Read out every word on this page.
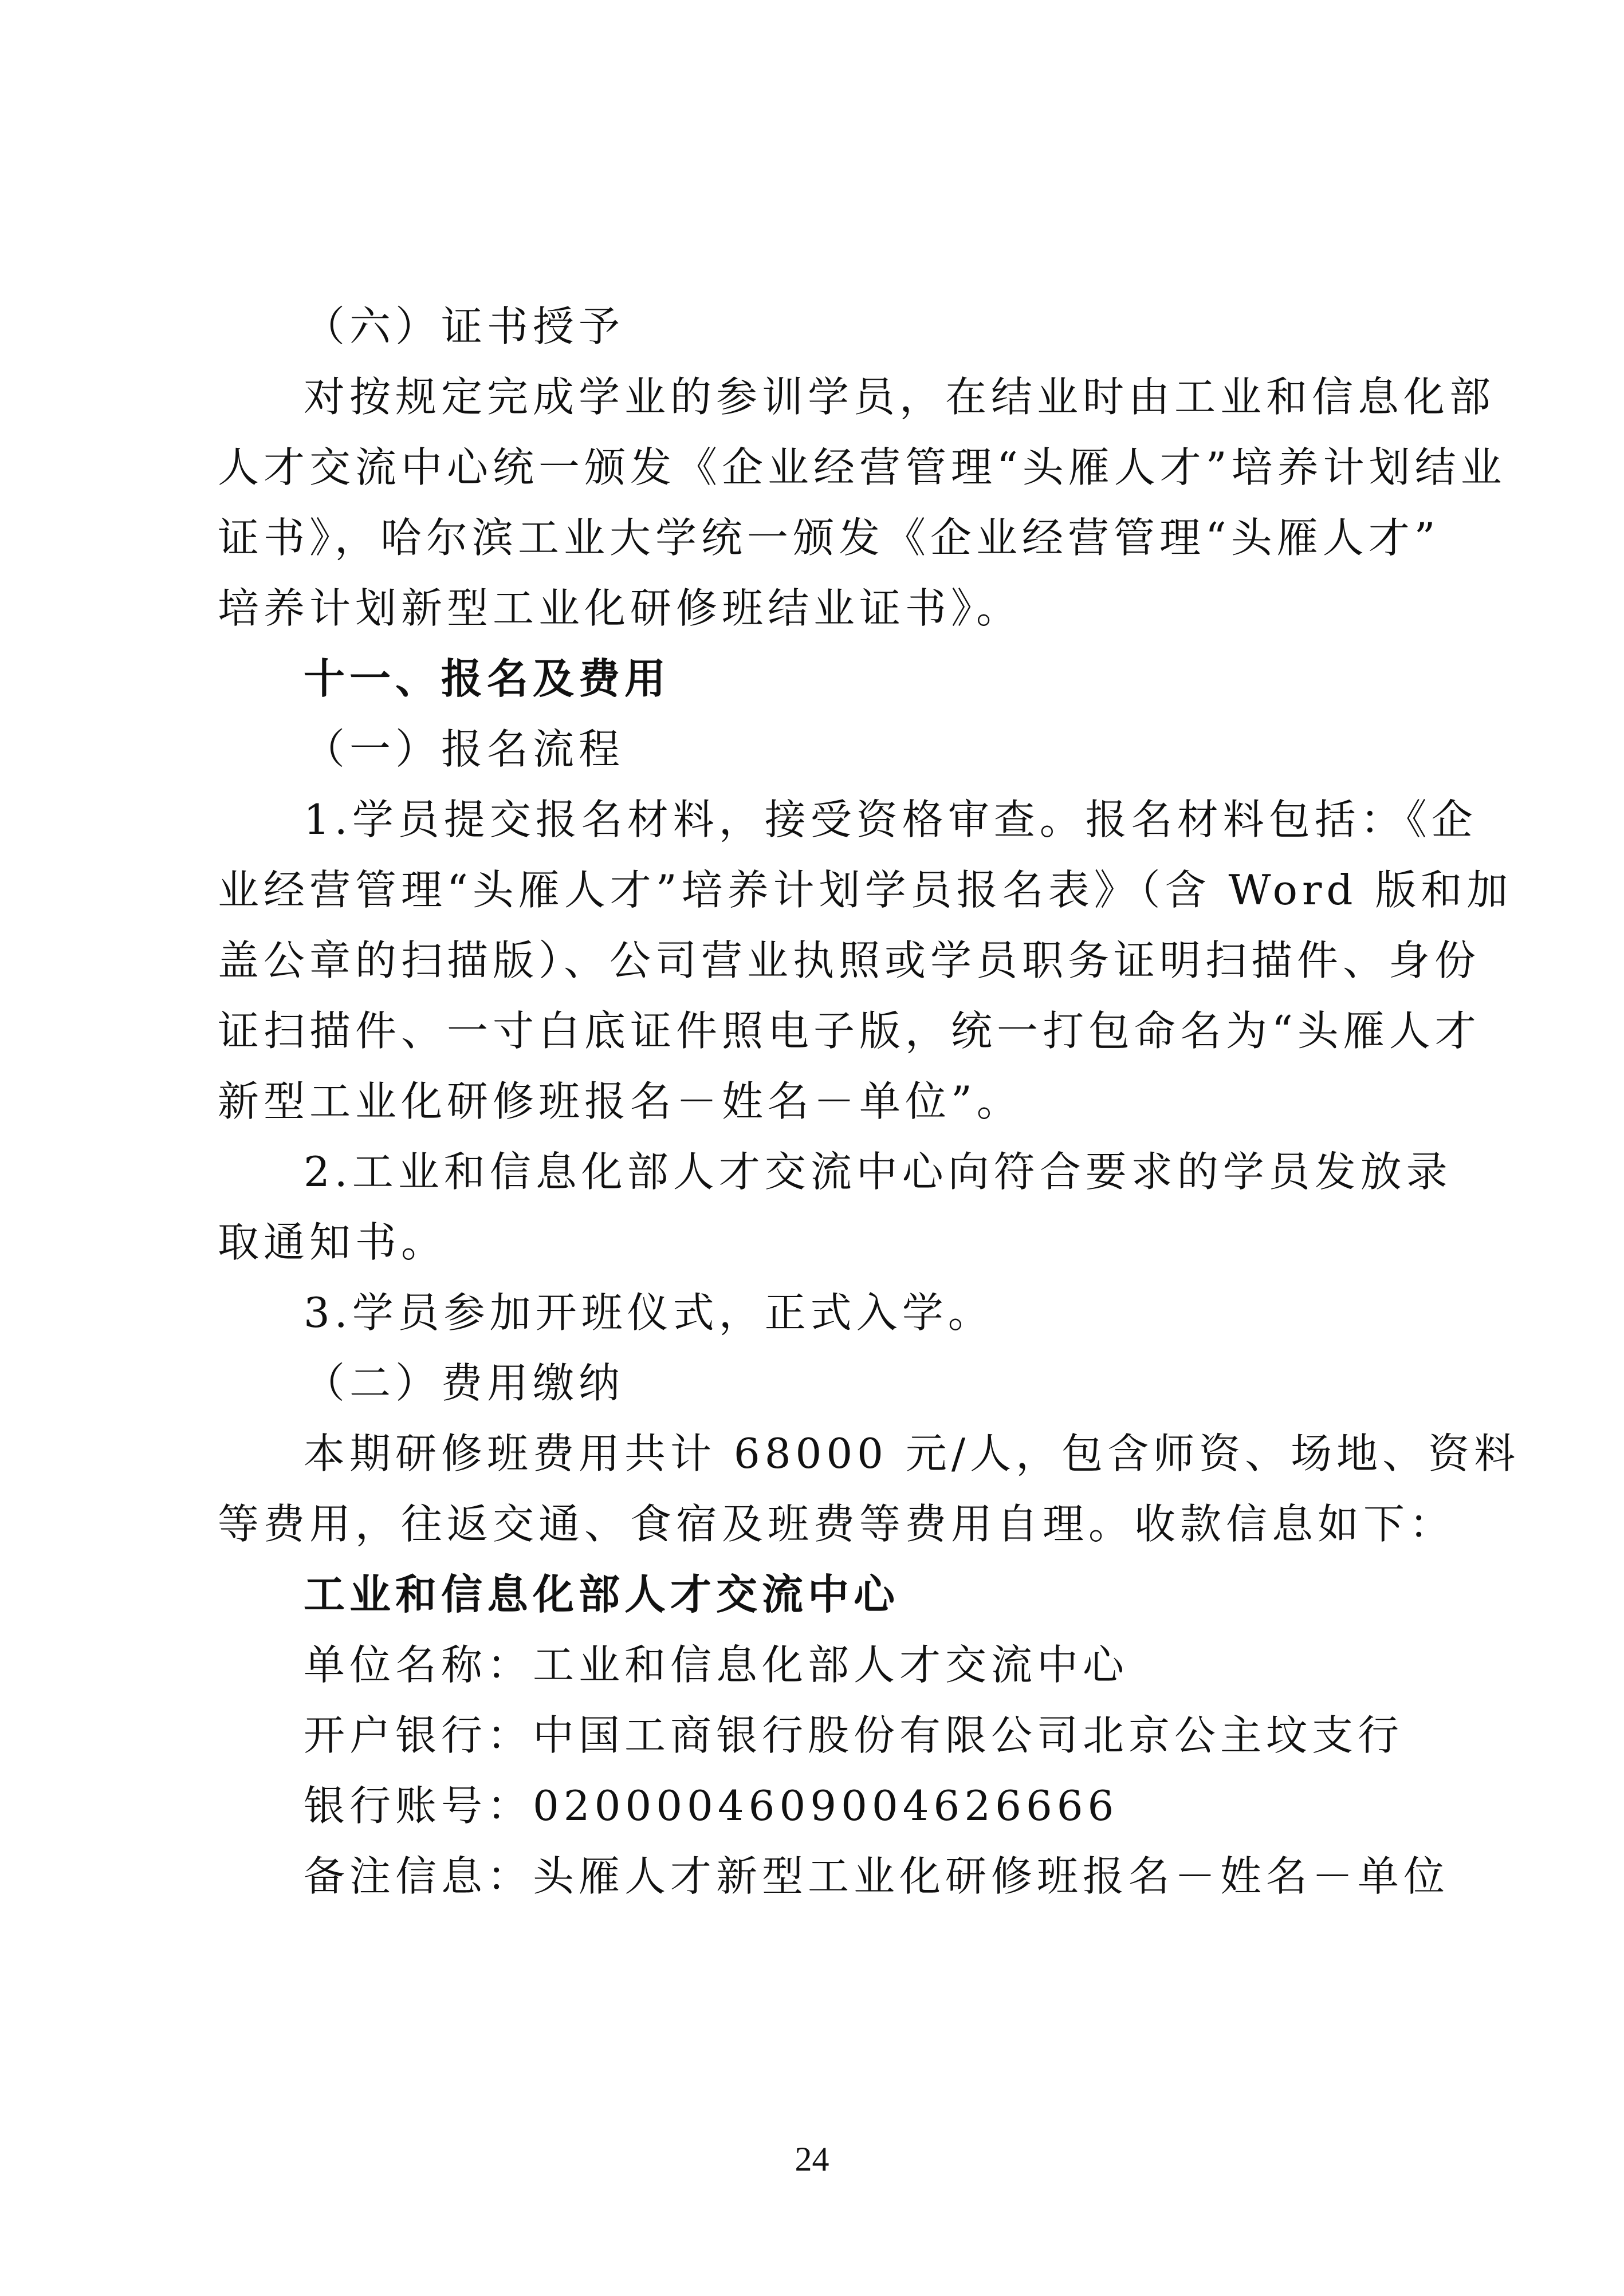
（六）证书授予
对按规定完成学业的参训学员，在结业时由工业和信息化部
人才交流中心统一颁发《企业经营管理“头雁人才”培养计划结业
证书》，哈尔滨工业大学统一颁发《企业经营管理“头雁人才”
培养计划新型工业化研修班结业证书》。
十一、报名及费用
（一）报名流程
1.学员提交报名材料，接受资格审查。报名材料包括：《企
业经营管理“头雁人才”培养计划学员报名表》（含 Word 版和加
盖公章的扫描版）、公司营业执照或学员职务证明扫描件、身份
证扫描件、一寸白底证件照电子版，统一打包命名为“头雁人才
新型工业化研修班报名－姓名－单位”。
2.工业和信息化部人才交流中心向符合要求的学员发放录
取通知书。
3.学员参加开班仪式，正式入学。
（二）费用缴纳
本期研修班费用共计 68000 元/人，包含师资、场地、资料
等费用，往返交通、食宿及班费等费用自理。收款信息如下：
工业和信息化部人才交流中心
单位名称：工业和信息化部人才交流中心
开户银行：中国工商银行股份有限公司北京公主坟支行
银行账号：0200004609004626666
备注信息：头雁人才新型工业化研修班报名－姓名－单位
24
